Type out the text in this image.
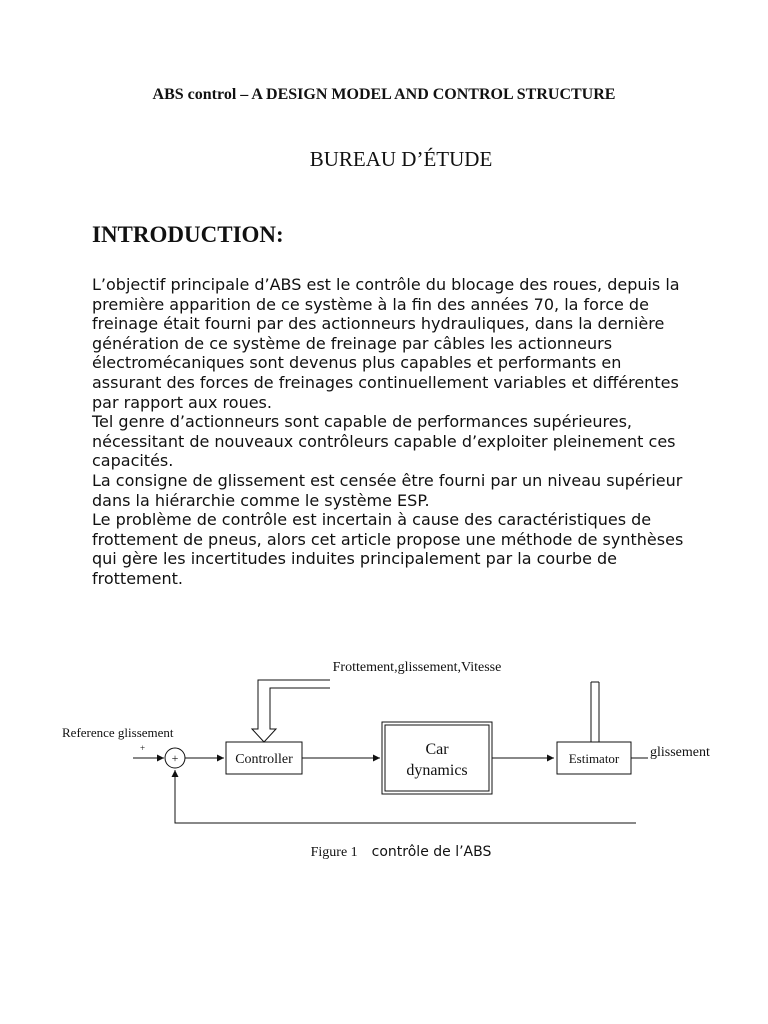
ABS control – A DESIGN MODEL AND CONTROL STRUCTURE
BUREAU D’ÉTUDE
INTRODUCTION:

L’objectif principale d’ABS est le contrôle du blocage des roues, depuis la première apparition de ce système à la fin des années 70, la force de freinage était fourni par des actionneurs hydrauliques, dans la dernière génération de ce système de freinage par câbles les actionneurs électromécaniques sont devenus plus capables et performants en assurant des forces de freinages continuellement variables et différentes par rapport aux roues.

Tel genre d’actionneurs sont capable de performances supérieures, nécessitant de nouveaux contrôleurs capable d’exploiter pleinement ces capacités.

La consigne de glissement est censée être fourni par un niveau supérieur dans la hiérarchie comme le système ESP.

Le problème de contrôle est incertain à cause des caractéristiques de frottement de pneus, alors cet article propose une méthode de synthèses qui gère les incertitudes induites principalement par la courbe de frottement.

Frottement,glissement,Vitesse
Reference glissement
+
+	Controller
Car
dynamics
Estimator glissement
Figure 1 contrôle de l’ABS
